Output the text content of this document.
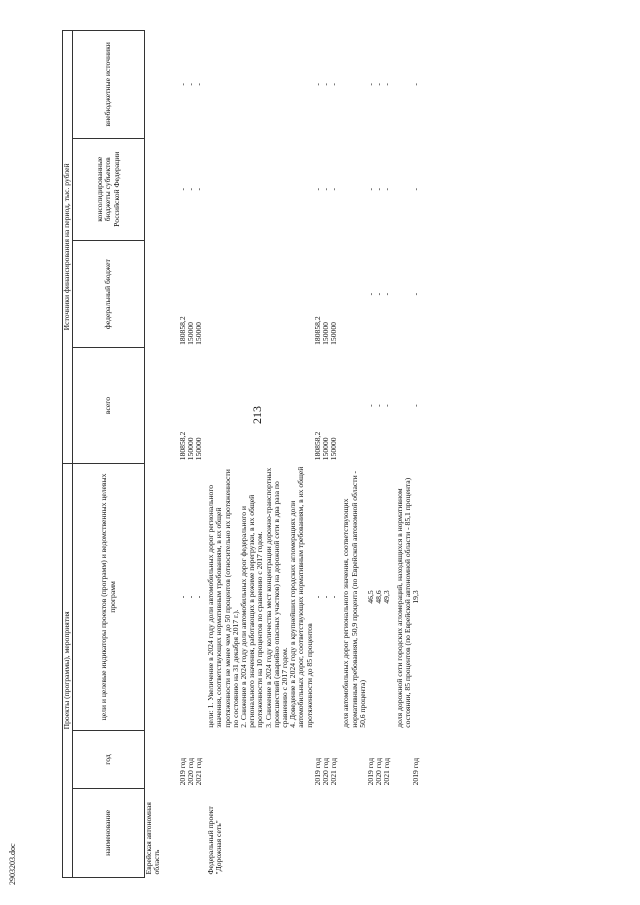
213
2903203.doc
Проекты (программы), мероприятия			Источники финансирования на период, тыс. рублей			
наименование	год	цели и целевые индикаторы проектов (программ) и ведомственных целевых программ	всего	федеральный бюджет	консолидированные бюджеты субъектов Российской Федерации	внебюджетные источники
Еврейская автономная область						
	2019 год	-	180858,2	180858,2	-	-
	2020 год	-	150000	150000	-	-
	2021 год	-	150000	150000	-	-
Федеральный проект "Дорожная сеть"		цели: 1. Увеличение в 2024 году доли автомобильных дорог регионального значения, соответствующих нормативным требованиям, в их общей протяженности не менее чем до 50 процентов (относительно их протяженности по состоянию на 31 декабря 2017 г.).
2. Снижение в 2024 году доли автомобильных дорог федерального и регионального значения, работающих в режиме перегрузки, в их общей протяженности на 10 процентов по сравнению с 2017 годом.
3. Снижение в 2024 году количества мест концентрации дорожно-транспортных происшествий (аварийно опасных участков) на дорожной сети в два раза по сравнению с 2017 годом.
4. Доведение в 2024 году в крупнейших городских агломерациях доли автомобильных дорог, соответствующих нормативным требованиям, в их общей протяженности до 85 процентов				
	2019 год	-	180858,2	180858,2	-	-
	2020 год	-	150000	150000	-	-
	2021 год	-	150000	150000	-	-
		доля автомобильных дорог регионального значения, соответствующих нормативным требованиям, 50,9 процента (по Еврейской автономной области - 50,6 процента)				
	2019 год	46,5	-	-	-	-
	2020 год	48,6	-	-	-	-
	2021 год	49,3	-	-	-	-
		доля дорожной сети городских агломераций, находящихся в нормативном состоянии, 85 процентов (по Еврейской автономной области - 85,1 процента)				
	2019 год	19,3	-	-	-	-
